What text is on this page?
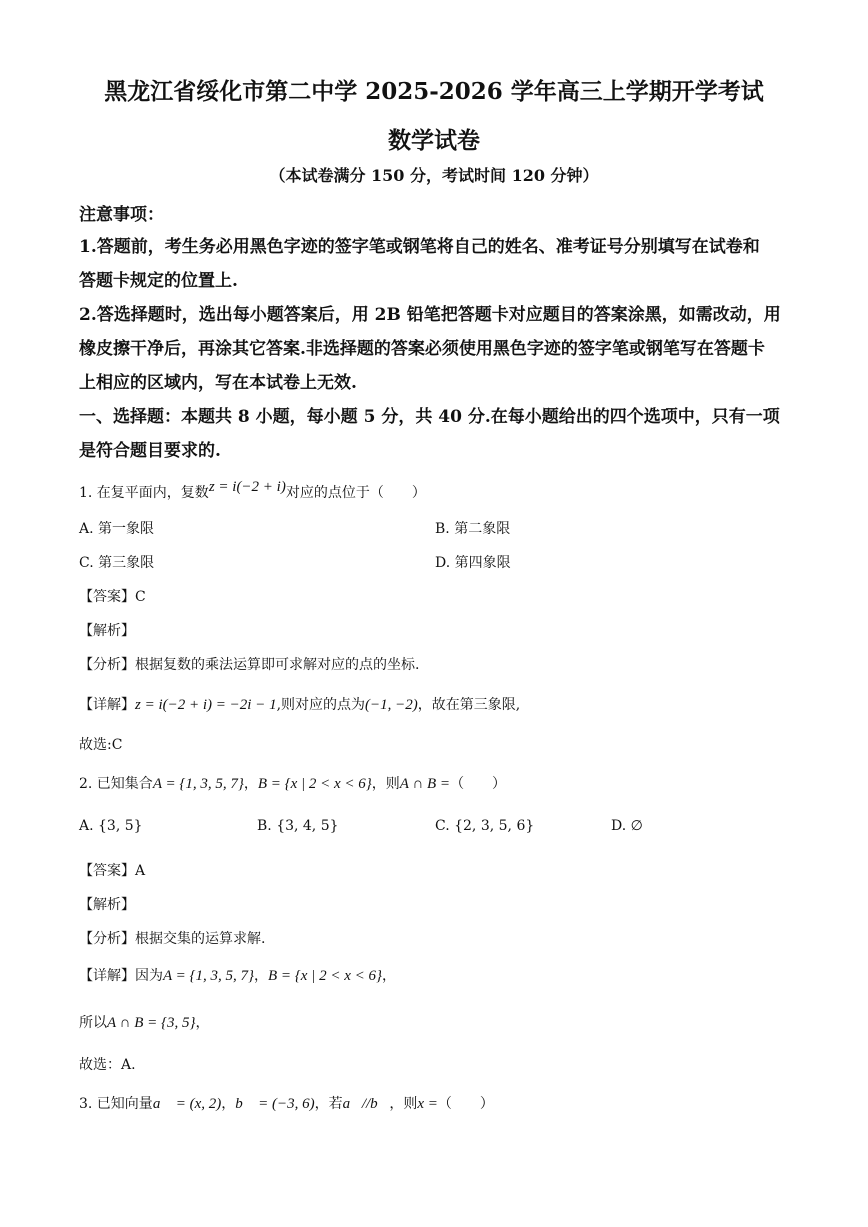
黑龙江省绥化市第二中学 2025-2026 学年高三上学期开学考试
数学试卷
（本试卷满分 150 分，考试时间 120 分钟）
注意事项：
1.答题前，考生务必用黑色字迹的签字笔或钢笔将自己的姓名、准考证号分别填写在试卷和
答题卡规定的位置上.
2.答选择题时，选出每小题答案后，用 2B 铅笔把答题卡对应题目的答案涂黑，如需改动，用
橡皮擦干净后，再涂其它答案.非选择题的答案必须使用黑色字迹的签字笔或钢笔写在答题卡
上相应的区域内，写在本试卷上无效.
一、选择题：本题共 8 小题，每小题 5 分，共 40 分.在每小题给出的四个选项中，只有一项
是符合题目要求的.
1. 在复平面内，复数z = i(−2 + i)对应的点位于（　　）
A. 第一象限	B. 第二象限
C. 第三象限	D. 第四象限
【答案】C
【解析】
【分析】根据复数的乘法运算即可求解对应的点的坐标.
【详解】z = i(−2 + i) = −2i − 1,则对应的点为(−1, −2)，故在第三象限,
故选:C
2. 已知集合A = {1, 3, 5, 7}，B = {x | 2 < x < 6}，则A ∩ B =（　　）
A. {3, 5}	B. {3, 4, 5}	C. {2, 3, 5, 6}	D. ∅
【答案】A
【解析】
【分析】根据交集的运算求解.
【详解】因为A = {1, 3, 5, 7}，B = {x | 2 < x < 6}，
所以A ∩ B = {3, 5}，
故选：A.
3. 已知向量a⃗ = (x, 2)，b⃗ = (−3, 6)，若a⃗//b⃗，则x =（　　）
